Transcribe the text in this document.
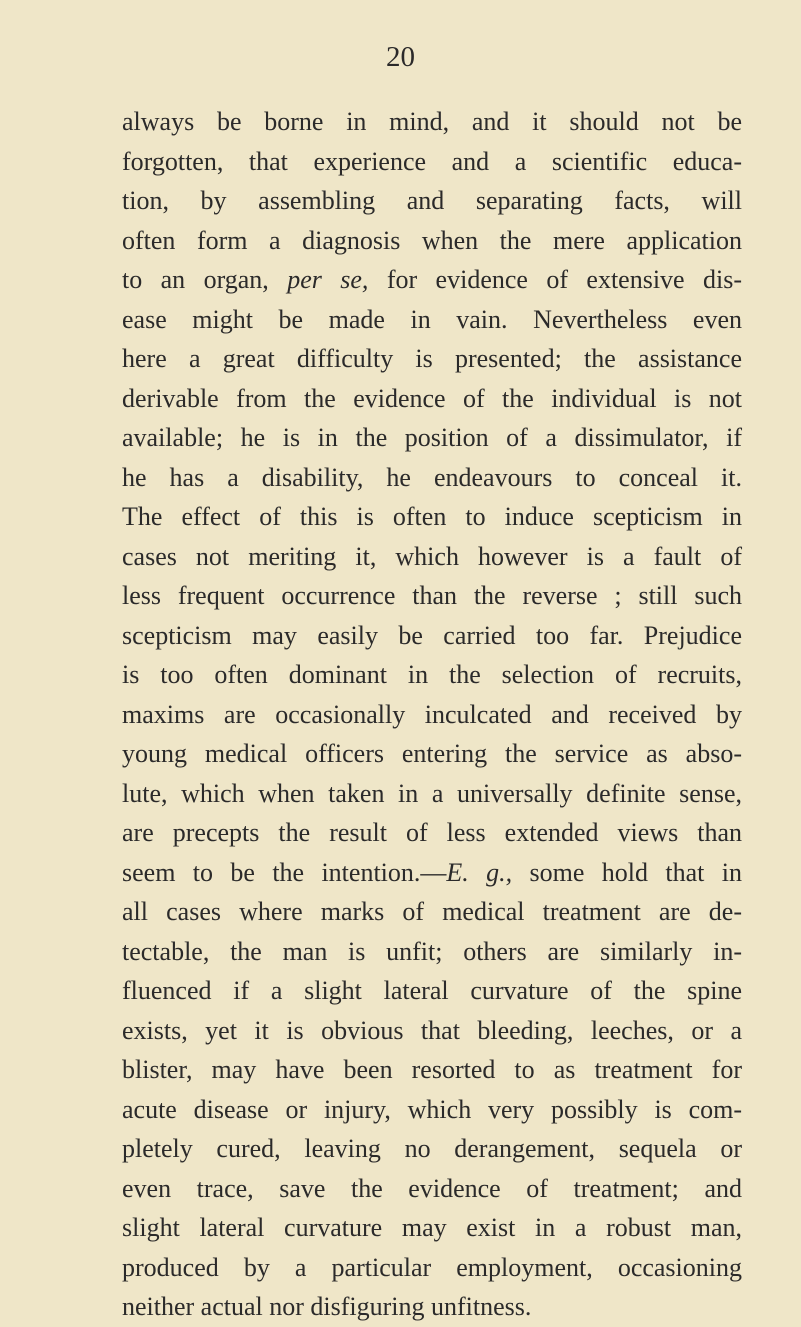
20
always be borne in mind, and it should not be
forgotten, that experience and a scientific educa-
tion, by assembling and separating facts, will
often form a diagnosis when the mere application
to an organ, per se, for evidence of extensive dis-
ease might be made in vain. Nevertheless even
here a great difficulty is presented; the assistance
derivable from the evidence of the individual is not
available; he is in the position of a dissimulator, if
he has a disability, he endeavours to conceal it.
The effect of this is often to induce scepticism in
cases not meriting it, which however is a fault of
less frequent occurrence than the reverse ; still such
scepticism may easily be carried too far. Prejudice
is too often dominant in the selection of recruits,
maxims are occasionally inculcated and received by
young medical officers entering the service as abso-
lute, which when taken in a universally definite sense,
are precepts the result of less extended views than
seem to be the intention.—E. g., some hold that in
all cases where marks of medical treatment are de-
tectable, the man is unfit; others are similarly in-
fluenced if a slight lateral curvature of the spine
exists, yet it is obvious that bleeding, leeches, or a
blister, may have been resorted to as treatment for
acute disease or injury, which very possibly is com-
pletely cured, leaving no derangement, sequela or
even trace, save the evidence of treatment; and
slight lateral curvature may exist in a robust man,
produced by a particular employment, occasioning
neither actual nor disfiguring unfitness.
